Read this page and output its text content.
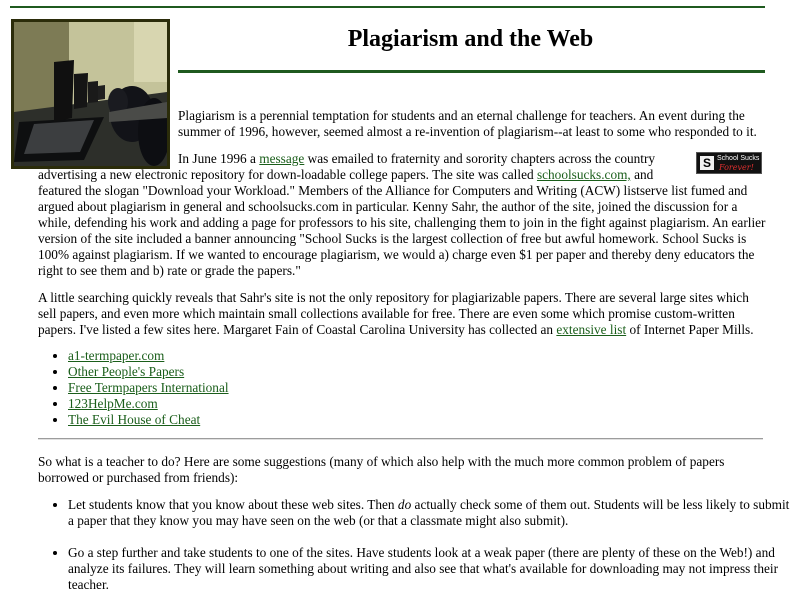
Plagiarism and the Web

Plagiarism is a perennial temptation for students and an eternal challenge for teachers. An event during the summer of 1996, however, seemed almost a re-invention of plagiarism--at least to some who responded to it.

S School Sucks
Forever!
In June 1996 a message was emailed to fraternity and sorority chapters across the country advertising a new electronic repository for down-loadable college papers. The site was called schoolsucks.com, and featured the slogan "Download your Workload." Members of the Alliance for Computers and Writing (ACW) listserve list fumed and argued about plagiarism in general and schoolsucks.com in particular. Kenny Sahr, the author of the site, joined the discussion for a while, defending his work and adding a page for professors to his site, challenging them to join in the fight against plagiarism. An earlier version of the site included a banner announcing "School Sucks is the largest collection of free but awful homework. School Sucks is 100% against plagiarism. If we wanted to encourage plagiarism, we would a) charge even $1 per paper and thereby deny educators the right to see them and b) rate or grade the papers."

A little searching quickly reveals that Sahr's site is not the only repository for plagiarizable papers. There are several large sites which sell papers, and even more which maintain small collections available for free. There are even some which promise custom-written papers. I've listed a few sites here. Margaret Fain of Coastal Carolina University has collected an extensive list of Internet Paper Mills.

• a1-termpaper.com
• Other People's Papers
• Free Termpapers International
• 123HelpMe.com
• The Evil House of Cheat

So what is a teacher to do? Here are some suggestions (many of which also help with the much more common problem of papers borrowed or purchased from friends):

• Let students know that you know about these web sites. Then do actually check some of them out. Students will be less likely to submit a paper that they know you may have seen on the web (or that a classmate might also submit).
• Go a step further and take students to one of the sites. Have students look at a weak paper (there are plenty of these on the Web!) and analyze its failures. They will learn something about writing and also see that what's available for downloading may not impress their teacher.
